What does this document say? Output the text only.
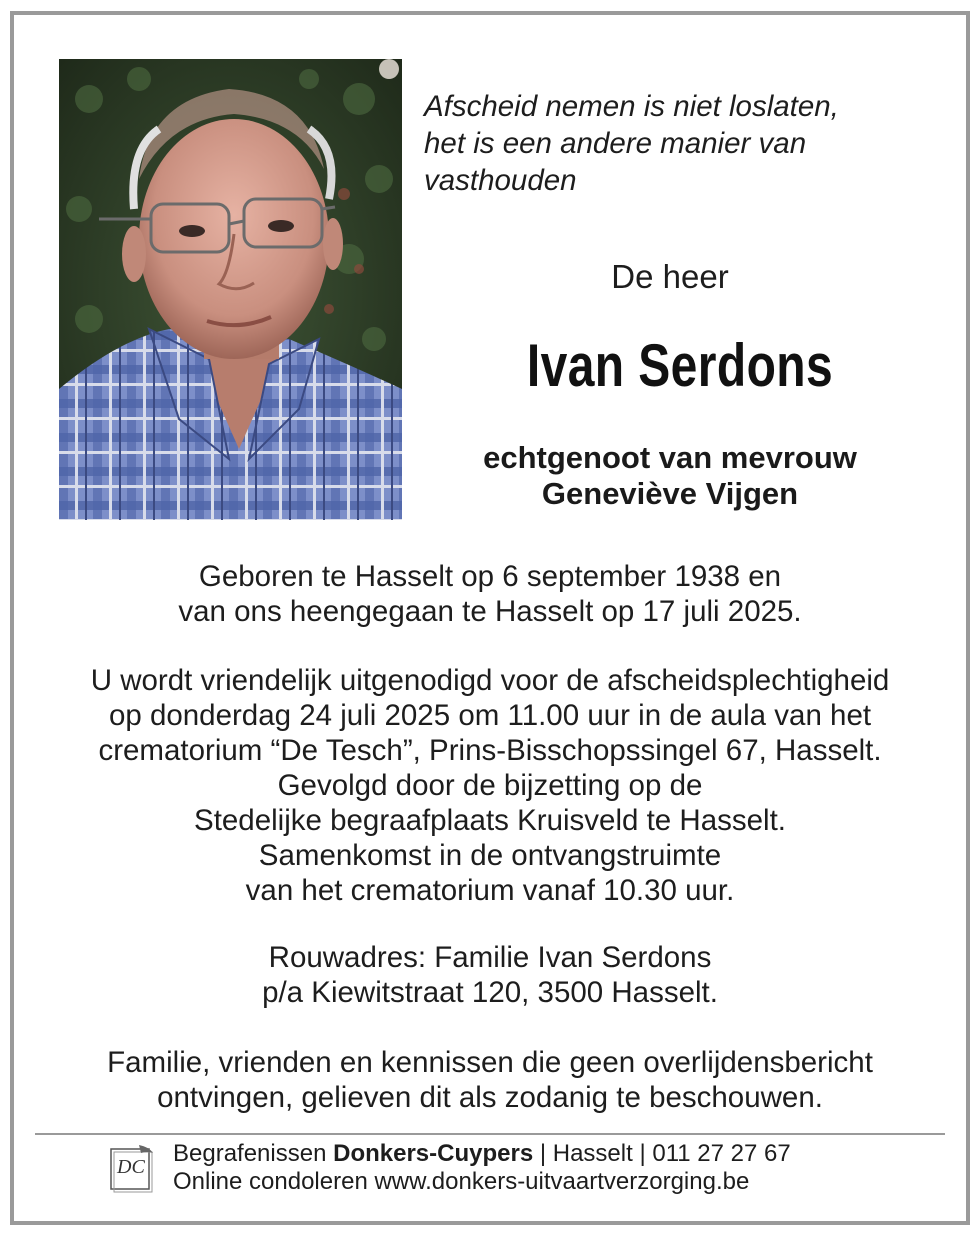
Afscheid nemen is niet loslaten,
het is een andere manier van
vasthouden
De heer
Ivan Serdons
echtgenoot van mevrouw
Geneviève Vijgen
Geboren te Hasselt op 6 september 1938 en
van ons heengegaan te Hasselt op 17 juli 2025.
U wordt vriendelijk uitgenodigd voor de afscheidsplechtigheid
op donderdag 24 juli 2025 om 11.00 uur in de aula van het
crematorium “De Tesch”, Prins-Bisschopssingel 67, Hasselt.
Gevolgd door de bijzetting op de
Stedelijke begraafplaats Kruisveld te Hasselt.
Samenkomst in de ontvangstruimte
van het crematorium vanaf 10.30 uur.
Rouwadres: Familie Ivan Serdons
p/a Kiewitstraat 120, 3500 Hasselt.
Familie, vrienden en kennissen die geen overlijdensbericht
ontvingen, gelieven dit als zodanig te beschouwen.
DC Begrafenissen Donkers-Cuypers | Hasselt | 011 27 27 67
Online condoleren www.donkers-uitvaartverzorging.be
